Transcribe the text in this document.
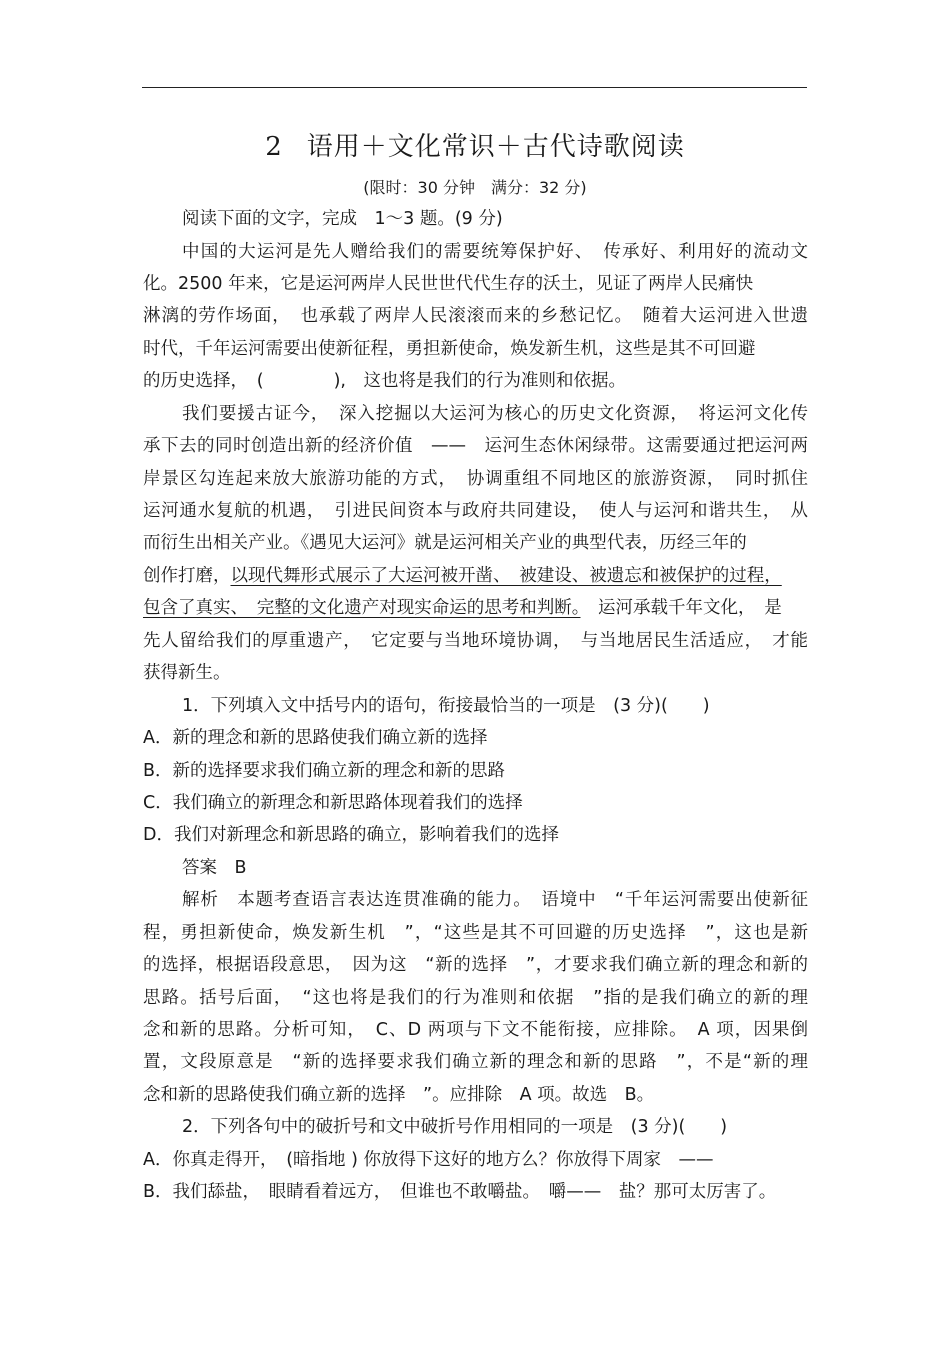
2 语用＋文化常识＋古代诗歌阅读
(限时：30 分钟　满分：32 分)
阅读下面的文字，完成　1～3 题。(9 分)
中国的大运河是先人赠给我们的需要统筹保护好、　传承好、利用好的流动文
化。2500 年来，它是运河两岸人民世世代代生存的沃土，见证了两岸人民痛快
淋漓的劳作场面，　也承载了两岸人民滚滚而来的乡愁记忆。　随着大运河进入世遗
时代，千年运河需要出使新征程，勇担新使命，焕发新生机，这些是其不可回避
的历史选择，　(　　　　),　这也将是我们的行为准则和依据。
我们要援古证今，　深入挖掘以大运河为核心的历史文化资源，　将运河文化传
承下去的同时创造出新的经济价值　——　运河生态休闲绿带。这需要通过把运河两
岸景区勾连起来放大旅游功能的方式，　协调重组不同地区的旅游资源，　同时抓住
运河通水复航的机遇，　引进民间资本与政府共同建设，　使人与运河和谐共生，　从
而衍生出相关产业。《遇见大运河》就是运河相关产业的典型代表，历经三年的
创作打磨，以现代舞形式展示了大运河被开凿、　被建设、被遗忘和被保护的过程，
包含了真实、　完整的文化遗产对现实命运的思考和判断。　运河承载千年文化，　是
先人留给我们的厚重遗产，　它定要与当地环境协调，　与当地居民生活适应，　才能
获得新生。
1．下列填入文中括号内的语句，衔接最恰当的一项是　(3 分)(　　)
A．新的理念和新的思路使我们确立新的选择
B．新的选择要求我们确立新的理念和新的思路
C．我们确立的新理念和新思路体现着我们的选择
D．我们对新理念和新思路的确立，影响着我们的选择
答案　B
解析　本题考查语言表达连贯准确的能力。　语境中　“千年运河需要出使新征
程，勇担新使命，焕发新生机　”，“这些是其不可回避的历史选择　”，这也是新
的选择，根据语段意思，　因为这　“新的选择　”，才要求我们确立新的理念和新的
思路。括号后面，　“这也将是我们的行为准则和依据　”指的是我们确立的新的理
念和新的思路。分析可知，　C、D 两项与下文不能衔接，应排除。　A 项，因果倒
置，文段原意是　“新的选择要求我们确立新的理念和新的思路　”，不是“新的理
念和新的思路使我们确立新的选择　”。应排除　A 项。故选　B。
2．下列各句中的破折号和文中破折号作用相同的一项是　(3 分)(　　)
A．你真走得开，　(暗指地 ) 你放得下这好的地方么？你放得下周家　——
B．我们舔盐，　眼睛看着远方，　但谁也不敢嚼盐。　嚼——　盐？那可太厉害了。
